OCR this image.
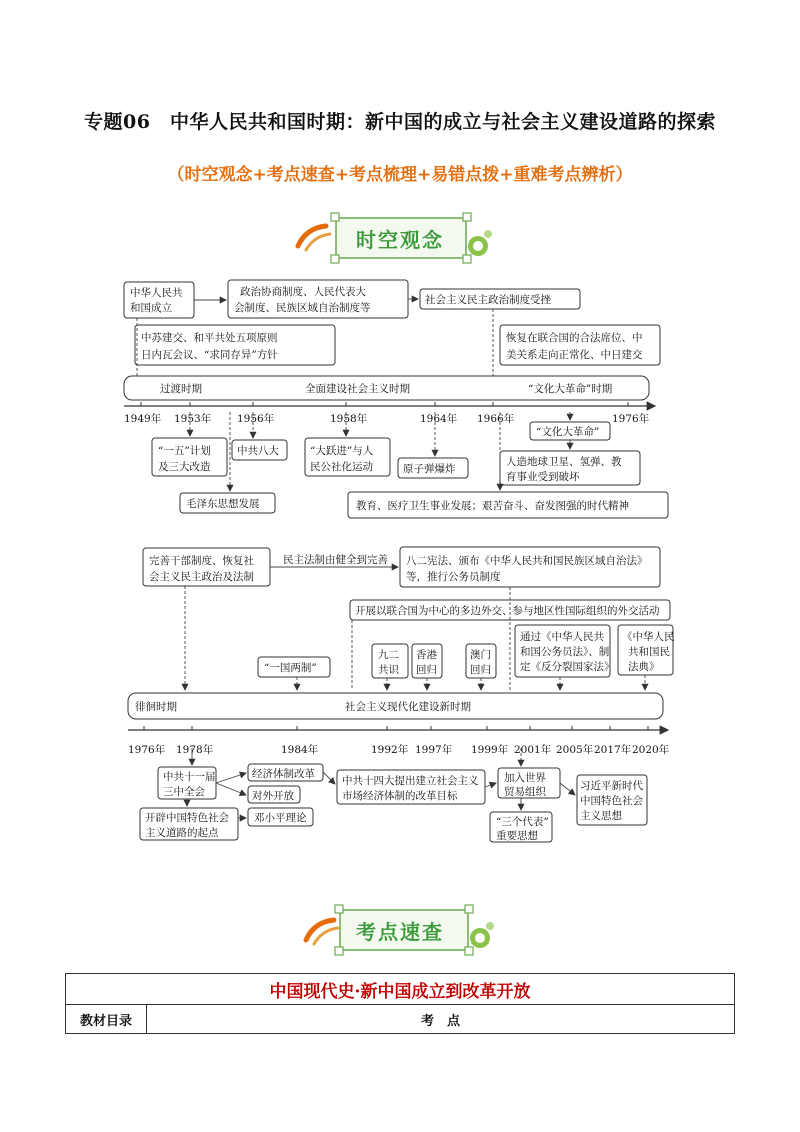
专题06　中华人民共和国时期：新中国的成立与社会主义建设道路的探索
（时空观念+考点速查+考点梳理+易错点拨+重难考点辨析）
时空观念
中华人民共
和国成立
政治协商制度、人民代表大
会制度、民族区域自治制度等
社会主义民主政治制度受挫
中苏建交、和平共处五项原则
日内瓦会议、“求同存异”方针
恢复在联合国的合法席位、中
美关系走向正常化、中日建交
过渡时期	全面建设社会主义时期	“文化大革命”时期
1949年 1953年 1956年	1958年	1964年 1966年	1976年
“一五”计划
及三大改造
中共八大	“大跃进”与人
民公社化运动	原子弹爆炸
“文化大革命”
人造地球卫星、氢弹、教
育事业受到破坏
毛泽东思想发展	教育、医疗卫生事业发展；艰苦奋斗、奋发图强的时代精神
完善干部制度、恢复社
会主义民主政治及法制
民主法制由健全到完善 八二宪法、颁布《中华人民共和国民族区域自治法》
等，推行公务员制度
开展以联合国为中心的多边外交、参与地区性国际组织的外交活动
“一国两制”
九二
共识
香港
回归
澳门
回归
通过《中华人民共
和国公务员法》、制
定《反分裂国家法》
《中华人民
共和国民
法典》
徘徊时期	社会主义现代化建设新时期
1976年 1978年	1984年	1992年 1997年 1999年 2001年 2005年 2017年 2020年
中共十一届
三中全会
经济体制改革
对外开放
中共十四大提出建立社会主义
市场经济体制的改革目标
加入世界
贸易组织	习近平新时代
中国特色社会
主义思想
开辟中国特色社会
主义道路的起点
邓小平理论	“三个代表”
重要思想
考点速查
中国现代史·新中国成立到改革开放
教材目录	考　点
